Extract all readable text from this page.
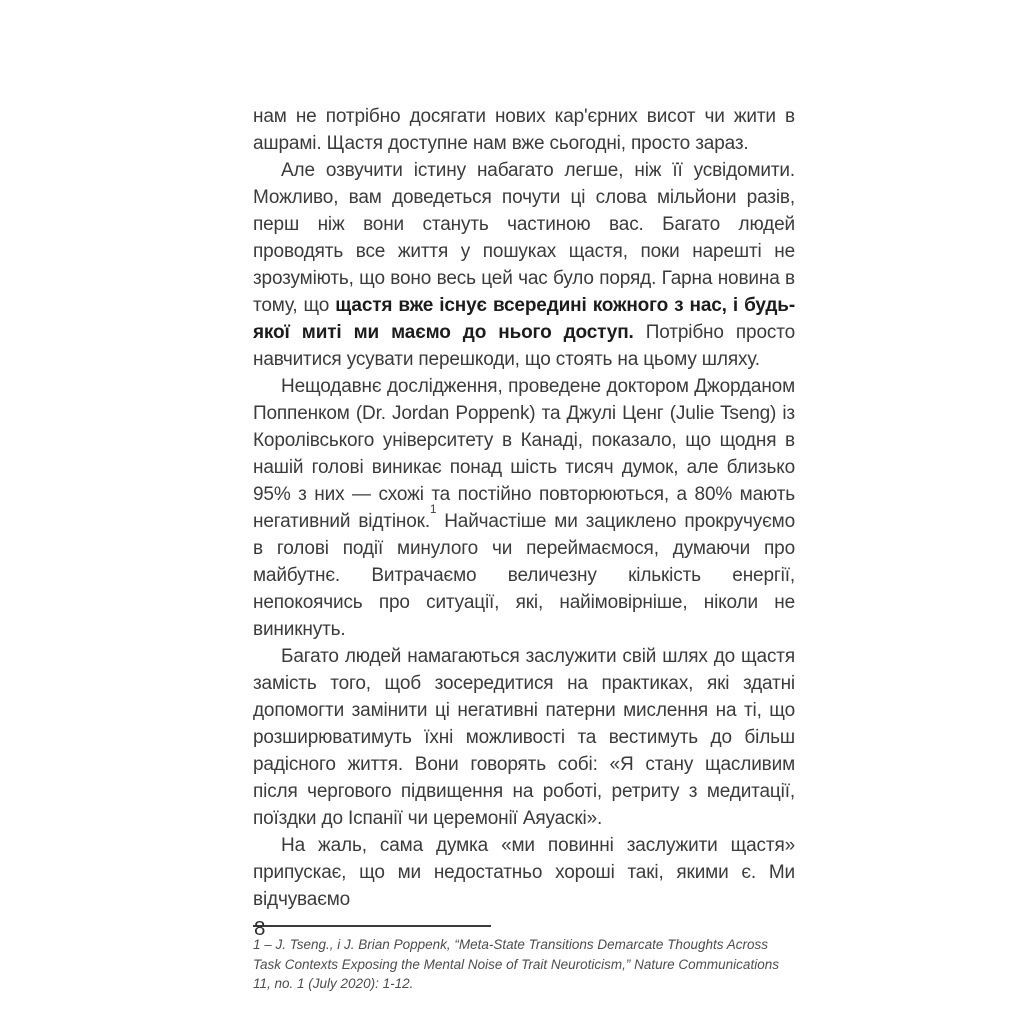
нам не потрібно досягати нових кар'єрних висот чи жити в ашрамі. Щастя доступне нам вже сьогодні, просто зараз.

Але озвучити істину набагато легше, ніж її усвідомити. Можливо, вам доведеться почути ці слова мільйони разів, перш ніж вони стануть частиною вас. Багато людей проводять все життя у пошуках щастя, поки нарешті не зрозуміють, що воно весь цей час було поряд. Гарна новина в тому, що щастя вже існує всередині кожного з нас, і будь-якої миті ми маємо до нього доступ. Потрібно просто навчитися усувати перешкоди, що стоять на цьому шляху.

Нещодавнє дослідження, проведене доктором Джорданом Поппенком (Dr. Jordan Poppenk) та Джулі Ценг (Julie Tseng) із Королівського університету в Канаді, показало, що щодня в нашій голові виникає понад шість тисяч думок, але близько 95% з них — схожі та постійно повторюються, а 80% мають негативний відтінок.$^1$ Найчастіше ми зациклено прокручуємо в голові події минулого чи переймаємося, думаючи про майбутнє. Витрачаємо величезну кількість енергії, непокоячись про ситуації, які, найімовірніше, ніколи не виникнуть.

Багато людей намагаються заслужити свій шлях до щастя замість того, щоб зосередитися на практиках, які здатні допомогти замінити ці негативні патерни мислення на ті, що розширюватимуть їхні можливості та вестимуть до більш радісного життя. Вони говорять собі: «Я стану щасливим після чергового підвищення на роботі, ретриту з медитації, поїздки до Іспанії чи церемонії Аяуаскі».

На жаль, сама думка «ми повинні заслужити щастя» припускає, що ми недостатньо хороші такі, якими є. Ми відчуваємо

1 – J. Tseng., i J. Brian Poppenk, “Meta-State Transitions Demarcate Thoughts Across Task Contexts Exposing the Mental Noise of Trait Neuroticism,” Nature Communications 11, no. 1 (July 2020): 1-12.

8
